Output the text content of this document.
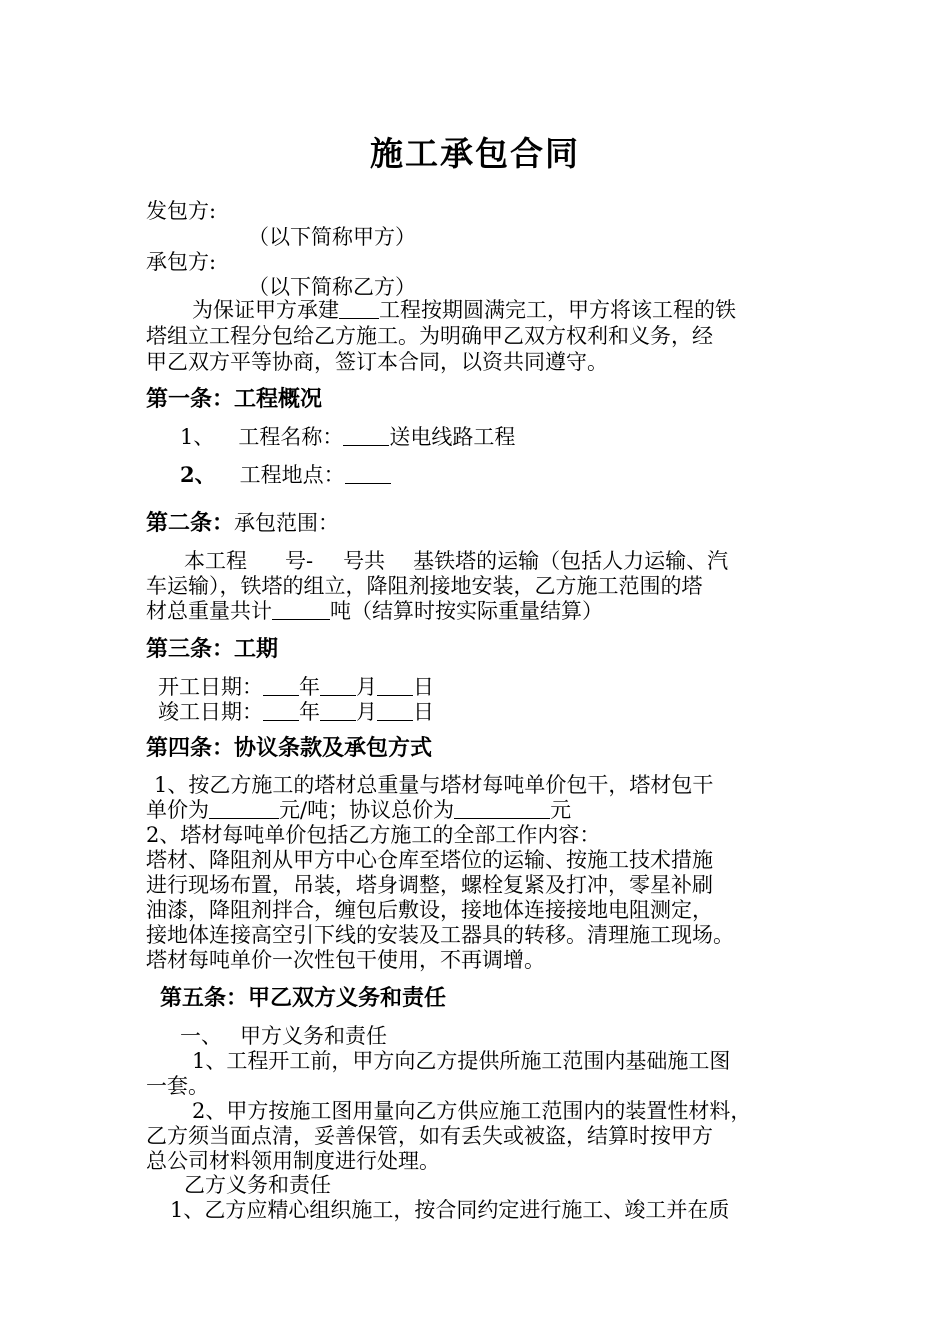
施工承包合同
发包方:
（以下简称甲方）
承包方:
（以下简称乙方）
为保证甲方承建 工程按期圆满完工，甲方将该工程的铁
塔组立工程分包给乙方施工。为明确甲乙双方权利和义务，经
甲乙双方平等协商，签订本合同，以资共同遵守。
第一条：工程概况
1、 工程名称： 送电线路工程
2、 工程地点：
第二条：承包范围：
本工程 号- 号共 基铁塔的运输（包括人力运输、汽
车运输），铁塔的组立，降阻剂接地安装，乙方施工范围的塔
材总重量共计	吨（结算时按实际重量结算）
第三条：工期
开工日期： 年 月 日
竣工日期： 年 月 日
第四条：协议条款及承包方式
1、按乙方施工的塔材总重量与塔材每吨单价包干，塔材包干
单价为	元/吨；协议总价为	元
2、塔材每吨单价包括乙方施工的全部工作内容：
塔材、降阻剂从甲方中心仓库至塔位的运输、按施工技术措施
进行现场布置，吊装，塔身调整，螺栓复紧及打冲，零星补刷
油漆，降阻剂拌合，缠包后敷设，接地体连接接地电阻测定，
接地体连接高空引下线的安装及工器具的转移。清理施工现场。
塔材每吨单价一次性包干使用，不再调增。
第五条：甲乙双方义务和责任
一、 甲方义务和责任
1、工程开工前，甲方向乙方提供所施工范围内基础施工图
一套。
2、甲方按施工图用量向乙方供应施工范围内的装置性材料，
乙方须当面点清，妥善保管，如有丢失或被盗，结算时按甲方
总公司材料领用制度进行处理。
乙方义务和责任
1、乙方应精心组织施工，按合同约定进行施工、竣工并在质
